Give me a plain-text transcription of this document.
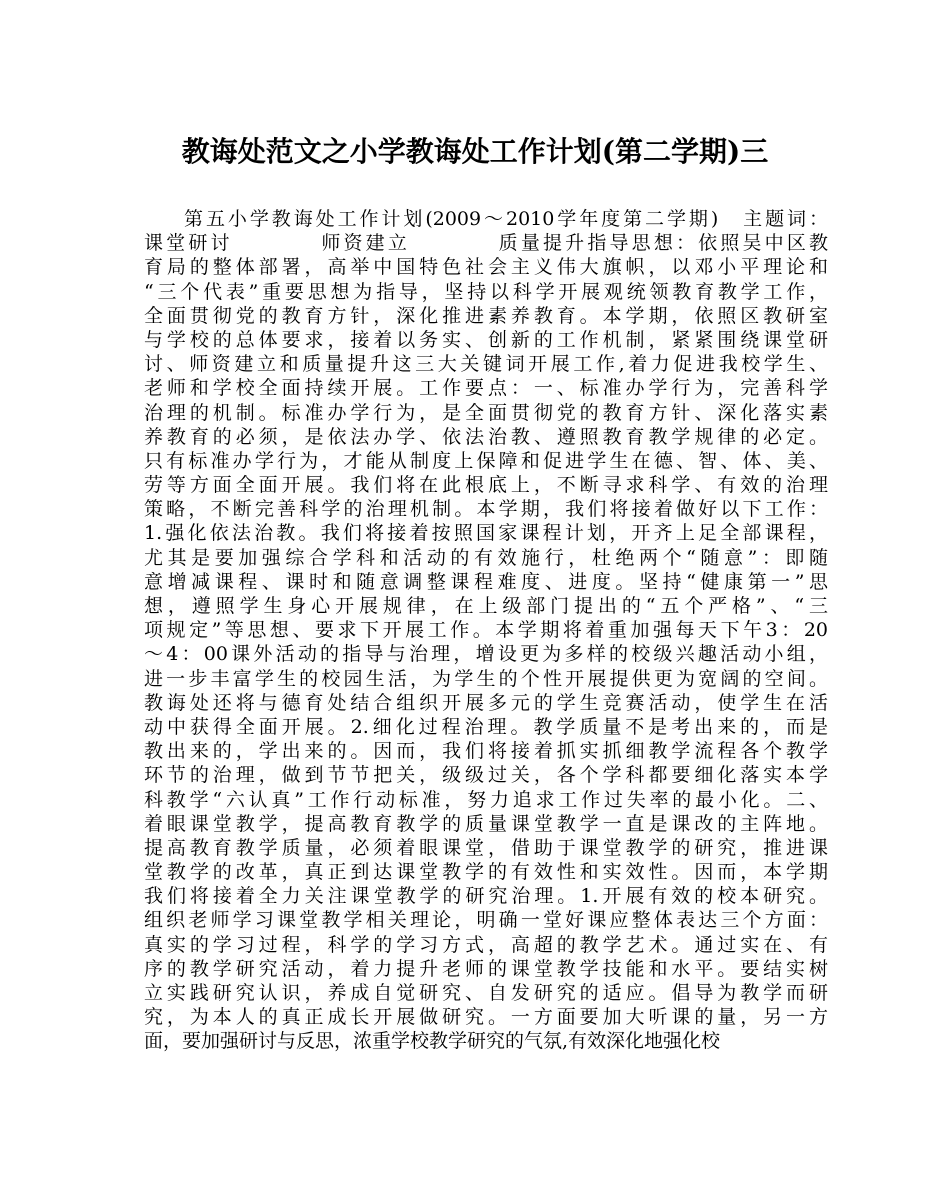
教诲处范文之小学教诲处工作计划(第二学期)三
第五小学教诲处工作计划(2009～2010学年度第二学期)　主题词：
课堂研讨　　　　师资建立　　　　质量提升指导思想：依照吴中区教
育局的整体部署，高举中国特色社会主义伟大旗帜，以邓小平理论和
“三个代表”重要思想为指导，坚持以科学开展观统领教育教学工作，
全面贯彻党的教育方针，深化推进素养教育。本学期，依照区教研室
与学校的总体要求，接着以务实、创新的工作机制，紧紧围绕课堂研
讨、师资建立和质量提升这三大关键词开展工作,着力促进我校学生、
老师和学校全面持续开展。工作要点：一、标准办学行为，完善科学
治理的机制。标准办学行为，是全面贯彻党的教育方针、深化落实素
养教育的必须，是依法办学、依法治教、遵照教育教学规律的必定。
只有标准办学行为，才能从制度上保障和促进学生在德、智、体、美、
劳等方面全面开展。我们将在此根底上，不断寻求科学、有效的治理
策略，不断完善科学的治理机制。本学期，我们将接着做好以下工作：
1.强化依法治教。我们将接着按照国家课程计划，开齐上足全部课程，
尤其是要加强综合学科和活动的有效施行，杜绝两个“随意”：即随
意增减课程、课时和随意调整课程难度、进度。坚持“健康第一”思
想，遵照学生身心开展规律，在上级部门提出的“五个严格”、“三
项规定”等思想、要求下开展工作。本学期将着重加强每天下午3：20
～4：00课外活动的指导与治理，增设更为多样的校级兴趣活动小组，
进一步丰富学生的校园生活，为学生的个性开展提供更为宽阔的空间。
教诲处还将与德育处结合组织开展多元的学生竞赛活动，使学生在活
动中获得全面开展。2.细化过程治理。教学质量不是考出来的，而是
教出来的，学出来的。因而，我们将接着抓实抓细教学流程各个教学
环节的治理，做到节节把关，级级过关，各个学科都要细化落实本学
科教学“六认真”工作行动标准，努力追求工作过失率的最小化。二、
着眼课堂教学，提高教育教学的质量课堂教学一直是课改的主阵地。
提高教育教学质量，必须着眼课堂，借助于课堂教学的研究，推进课
堂教学的改革，真正到达课堂教学的有效性和实效性。因而，本学期
我们将接着全力关注课堂教学的研究治理。1.开展有效的校本研究。
组织老师学习课堂教学相关理论，明确一堂好课应整体表达三个方面：
真实的学习过程，科学的学习方式，高超的教学艺术。通过实在、有
序的教学研究活动，着力提升老师的课堂教学技能和水平。要结实树
立实践研究认识，养成自觉研究、自发研究的适应。倡导为教学而研
究，为本人的真正成长开展做研究。一方面要加大听课的量，另一方
面，要加强研讨与反思，浓重学校教学研究的气氛,有效深化地强化校
